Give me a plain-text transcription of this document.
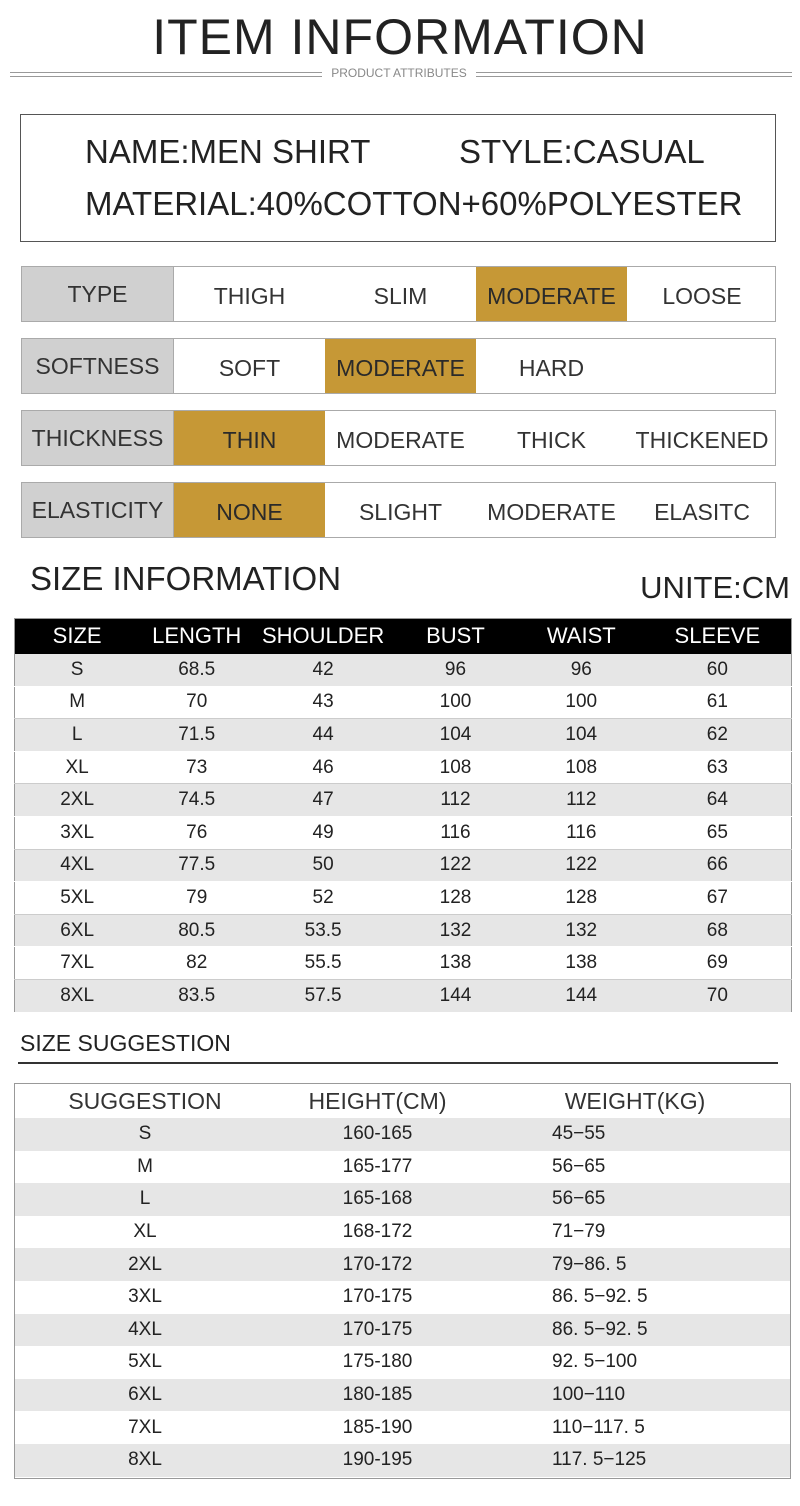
ITEM INFORMATION
PRODUCT ATTRIBUTES
NAME:MEN SHIRT	STYLE:CASUAL
MATERIAL:40%COTTON+60%POLYESTER
TYPE	THIGH	SLIM	MODERATE	LOOSE
SOFTNESS	SOFT	MODERATE	HARD
THICKNESS	THIN	MODERATE	THICK	THICKENED
ELASTICITY	NONE	SLIGHT	MODERATE	ELASITC
SIZE INFORMATION	UNITE:CM
SIZE	LENGTH	SHOULDER	BUST	WAIST	SLEEVE
S	68.5	42	96	96	60
M	70	43	100	100	61
L	71.5	44	104	104	62
XL	73	46	108	108	63
2XL	74.5	47	112	112	64
3XL	76	49	116	116	65
4XL	77.5	50	122	122	66
5XL	79	52	128	128	67
6XL	80.5	53.5	132	132	68
7XL	82	55.5	138	138	69
8XL	83.5	57.5	144	144	70
SIZE SUGGESTION
SUGGESTION	HEIGHT(CM)	WEIGHT(KG)
S	160-165	45−55
M	165-177	56−65
L	165-168	56−65
XL	168-172	71−79
2XL	170-172	79−86. 5
3XL	170-175	86. 5−92. 5
4XL	170-175	86. 5−92. 5
5XL	175-180	92. 5−100
6XL	180-185	100−110
7XL	185-190	110−117. 5
8XL	190-195	117. 5−125
